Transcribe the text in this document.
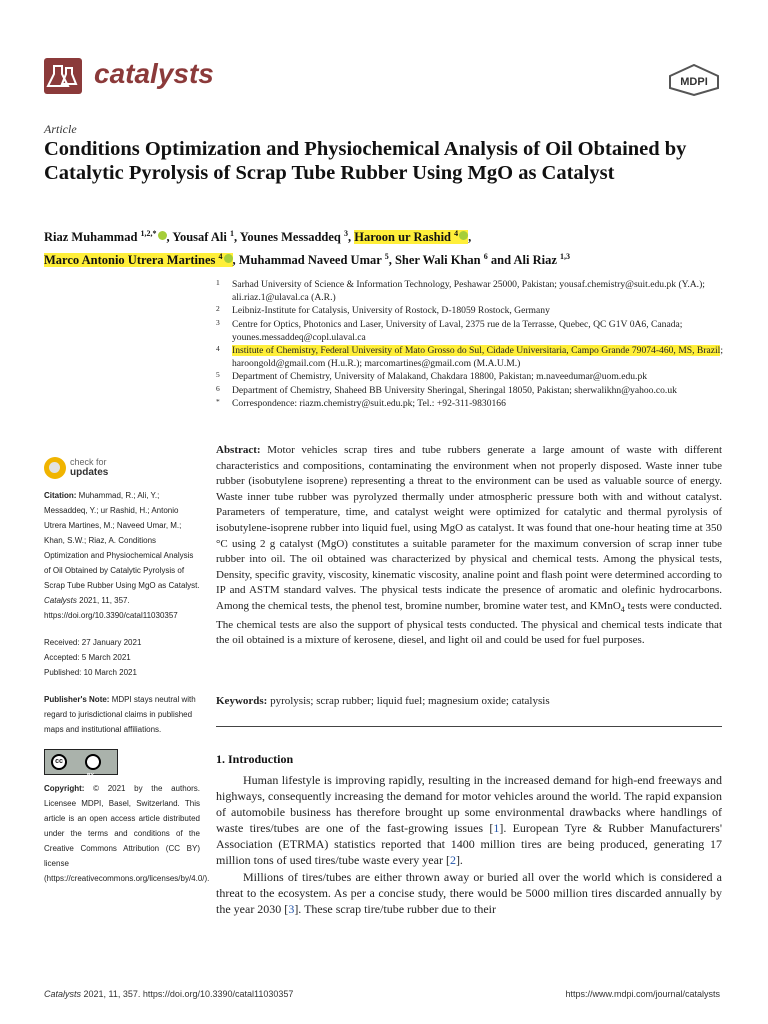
catalysts	MDPI
Article
Conditions Optimization and Physiochemical Analysis of Oil Obtained by Catalytic Pyrolysis of Scrap Tube Rubber Using MgO as Catalyst
Riaz Muhammad $^{1,2,*}$ , Yousaf Ali $^1$, Younes Messaddeq $^3$, Haroon ur Rashid $^4$ ,
Marco Antonio Utrera Martines $^4$ , Muhammad Naveed Umar $^5$, Sher Wali Khan $^6$ and Ali Riaz $^{1,3}$
1 Sarhad University of Science & Information Technology, Peshawar 25000, Pakistan; yousaf.chemistry@suit.edu.pk (Y.A.); ali.riaz.1@ulaval.ca (A.R.)
2 Leibniz-Institute for Catalysis, University of Rostock, D-18059 Rostock, Germany
3 Centre for Optics, Photonics and Laser, University of Laval, 2375 rue de la Terrasse, Quebec, QC G1V 0A6, Canada; younes.messaddeq@copl.ulaval.ca
4 Institute of Chemistry, Federal University of Mato Grosso do Sul, Cidade Universitaria, Campo Grande 79074-460, MS, Brazil; haroongold@gmail.com (H.u.R.); marcomartines@gmail.com (M.A.U.M.)
5 Department of Chemistry, University of Malakand, Chakdara 18800, Pakistan; m.naveedumar@uom.edu.pk
6 Department of Chemistry, Shaheed BB University Sheringal, Sheringal 18050, Pakistan; sherwalikhn@yahoo.co.uk
* Correspondence: riazm.chemistry@suit.edu.pk; Tel.: +92-311-9830166
check for
updates

Citation: Muhammad, R.; Ali, Y.; Messaddeq, Y.; ur Rashid, H.; Antonio Utrera Martines, M.; Naveed Umar, M.; Khan, S.W.; Riaz, A. Conditions Optimization and Physiochemical Analysis of Oil Obtained by Catalytic Pyrolysis of Scrap Tube Rubber Using MgO as Catalyst. Catalysts 2021, 11, 357. https://doi.org/10.3390/catal11030357

Received: 27 January 2021
Accepted: 5 March 2021
Published: 10 March 2021

Publisher's Note: MDPI stays neutral with regard to jurisdictional claims in published maps and institutional affiliations.

cc
BY

Copyright: © 2021 by the authors. Licensee MDPI, Basel, Switzerland. This article is an open access article distributed under the terms and conditions of the Creative Commons Attribution (CC BY) license (https://creativecommons.org/licenses/by/4.0/).

Abstract: Motor vehicles scrap tires and tube rubbers generate a large amount of waste with different characteristics and compositions, contaminating the environment when not properly disposed. Waste inner tube rubber (isobutylene isoprene) representing a threat to the environment can be used as valuable source of energy. Waste inner tube rubber was pyrolyzed thermally under atmospheric pressure both with and without catalyst. Parameters of temperature, time, and catalyst weight were optimized for catalytic and thermal pyrolysis of isobutylene-isoprene rubber into liquid fuel, using MgO as catalyst. It was found that one-hour heating time at 350 °C using 2 g catalyst (MgO) constitutes a suitable parameter for the maximum conversion of scrap inner tube rubber into oil. The oil obtained was characterized by physical and chemical tests. Among the physical tests, Density, specific gravity, viscosity, kinematic viscosity, analine point and flash point were determined according to IP and ASTM standard valves. The physical tests indicate the presence of aromatic and olefinic hydrocarbons. Among the chemical tests, the phenol test, bromine number, bromine water test, and KMnO$_4$ tests were conducted. The chemical tests are also the support of physical tests conducted. The physical and chemical tests indicate that the oil obtained is a mixture of kerosene, diesel, and light oil and could be used for fuel purposes.
Keywords: pyrolysis; scrap rubber; liquid fuel; magnesium oxide; catalysis
1. Introduction

Human lifestyle is improving rapidly, resulting in the increased demand for high-end freeways and highways, consequently increasing the demand for motor vehicles around the world. The rapid expansion of automobile business has therefore brought up some environmental drawbacks where handlings of waste tires/tubes are one of the fast-growing issues [1]. European Tyre & Rubber Manufacturers' Association (ETRMA) statistics reported that 1400 million tires are being produced, generating 17 million tons of used tires/tube waste every year [2].

Millions of tires/tubes are either thrown away or buried all over the world which is considered a threat to the ecosystem. As per a concise study, there would be 5000 million tires discarded annually by the year 2030 [3]. These scrap tire/tube rubber due to their

Catalysts 2021, 11, 357. https://doi.org/10.3390/catal11030357	https://www.mdpi.com/journal/catalysts
